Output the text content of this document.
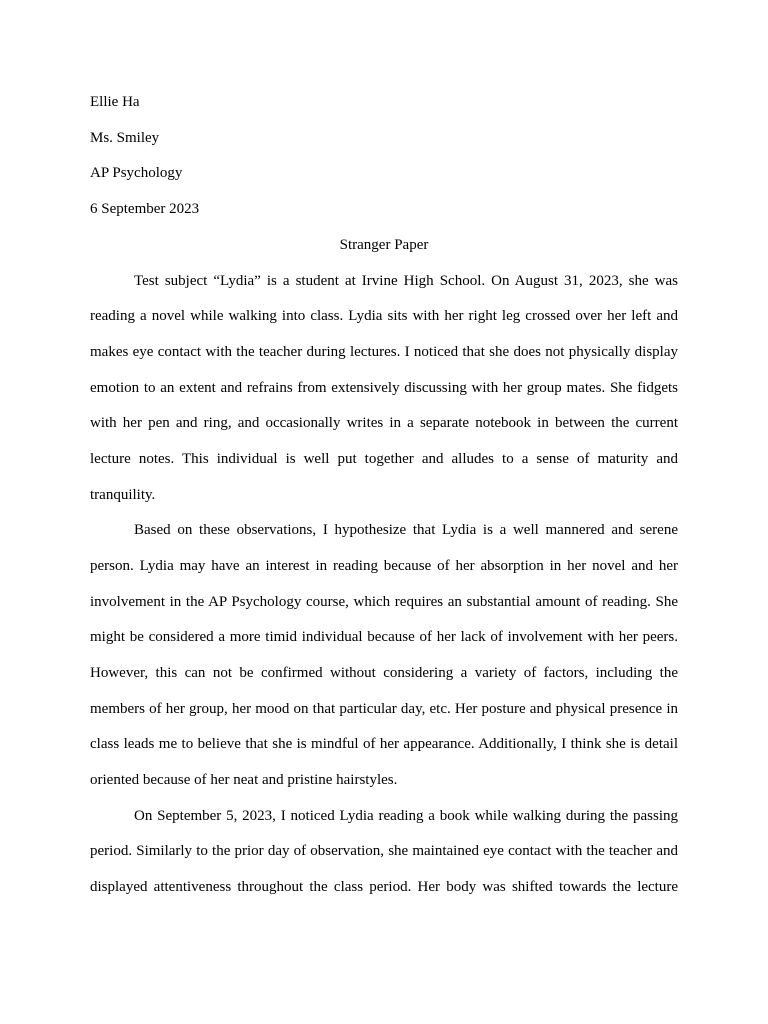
Ellie Ha
Ms. Smiley
AP Psychology
6 September 2023
Stranger Paper
Test subject “Lydia” is a student at Irvine High School. On August 31, 2023, she was
reading a novel while walking into class. Lydia sits with her right leg crossed over her left and
makes eye contact with the teacher during lectures. I noticed that she does not physically display
emotion to an extent and refrains from extensively discussing with her group mates. She fidgets
with her pen and ring, and occasionally writes in a separate notebook in between the current
lecture notes. This individual is well put together and alludes to a sense of maturity and
tranquility.
Based on these observations, I hypothesize that Lydia is a well mannered and serene
person. Lydia may have an interest in reading because of her absorption in her novel and her
involvement in the AP Psychology course, which requires an substantial amount of reading. She
might be considered a more timid individual because of her lack of involvement with her peers.
However, this can not be confirmed without considering a variety of factors, including the
members of her group, her mood on that particular day, etc. Her posture and physical presence in
class leads me to believe that she is mindful of her appearance. Additionally, I think she is detail
oriented because of her neat and pristine hairstyles.
On September 5, 2023, I noticed Lydia reading a book while walking during the passing
period. Similarly to the prior day of observation, she maintained eye contact with the teacher and
displayed attentiveness throughout the class period. Her body was shifted towards the lecture
